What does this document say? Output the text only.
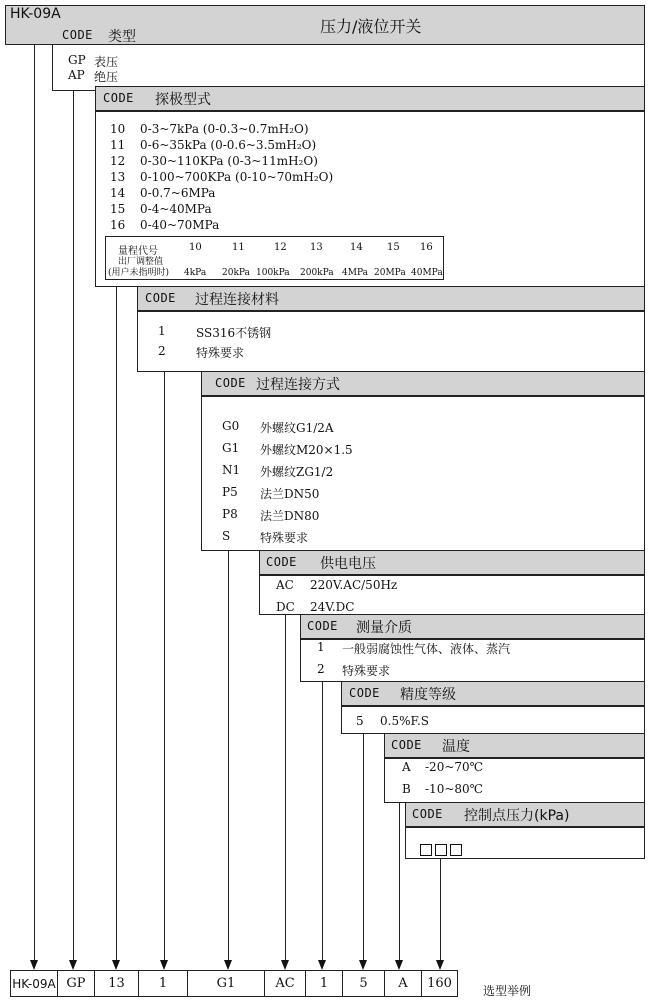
HK-09A
压力/液位开关
CODE 类型
GP 表压
AP 绝压
CODE 探极型式
10 0-3~7kPa (0-0.3~0.7mH₂O)
11 0-6~35kPa (0-0.6~3.5mH₂O)
12 0-30~110KPa (0-3~11mH₂O)
13 0-100~700KPa (0-10~70mH₂O)
14 0-0.7~6MPa
15 0-4~40MPa
16 0-40~70MPa
量程代号
出厂调整值
(用户未指明时)
10	11	12 13	14 15 16
4kPa 20kPa 100kPa 200kPa 4MPa 20MPa 40MPa
CODE 过程连接材料
1	SS316不锈钢
2	特殊要求
CODE 过程连接方式
G0 外螺纹G1/2A
G1 外螺纹M20×1.5
N1 外螺纹ZG1/2
P5 法兰DN50
P8 法兰DN80
S 特殊要求
CODE 供电电压
AC 220V.AC/50Hz
DC 24V.DC
CODE 测量介质
1 一般弱腐蚀性气体、液体、蒸汽
2 特殊要求
CODE 精度等级
5 0.5%F.S
CODE 温度
A -20~70℃
B -10~80℃
CODE 控制点压力(kPa)
HK-09A GP	13	1	G1	AC	1	5	A	160	选型举例
